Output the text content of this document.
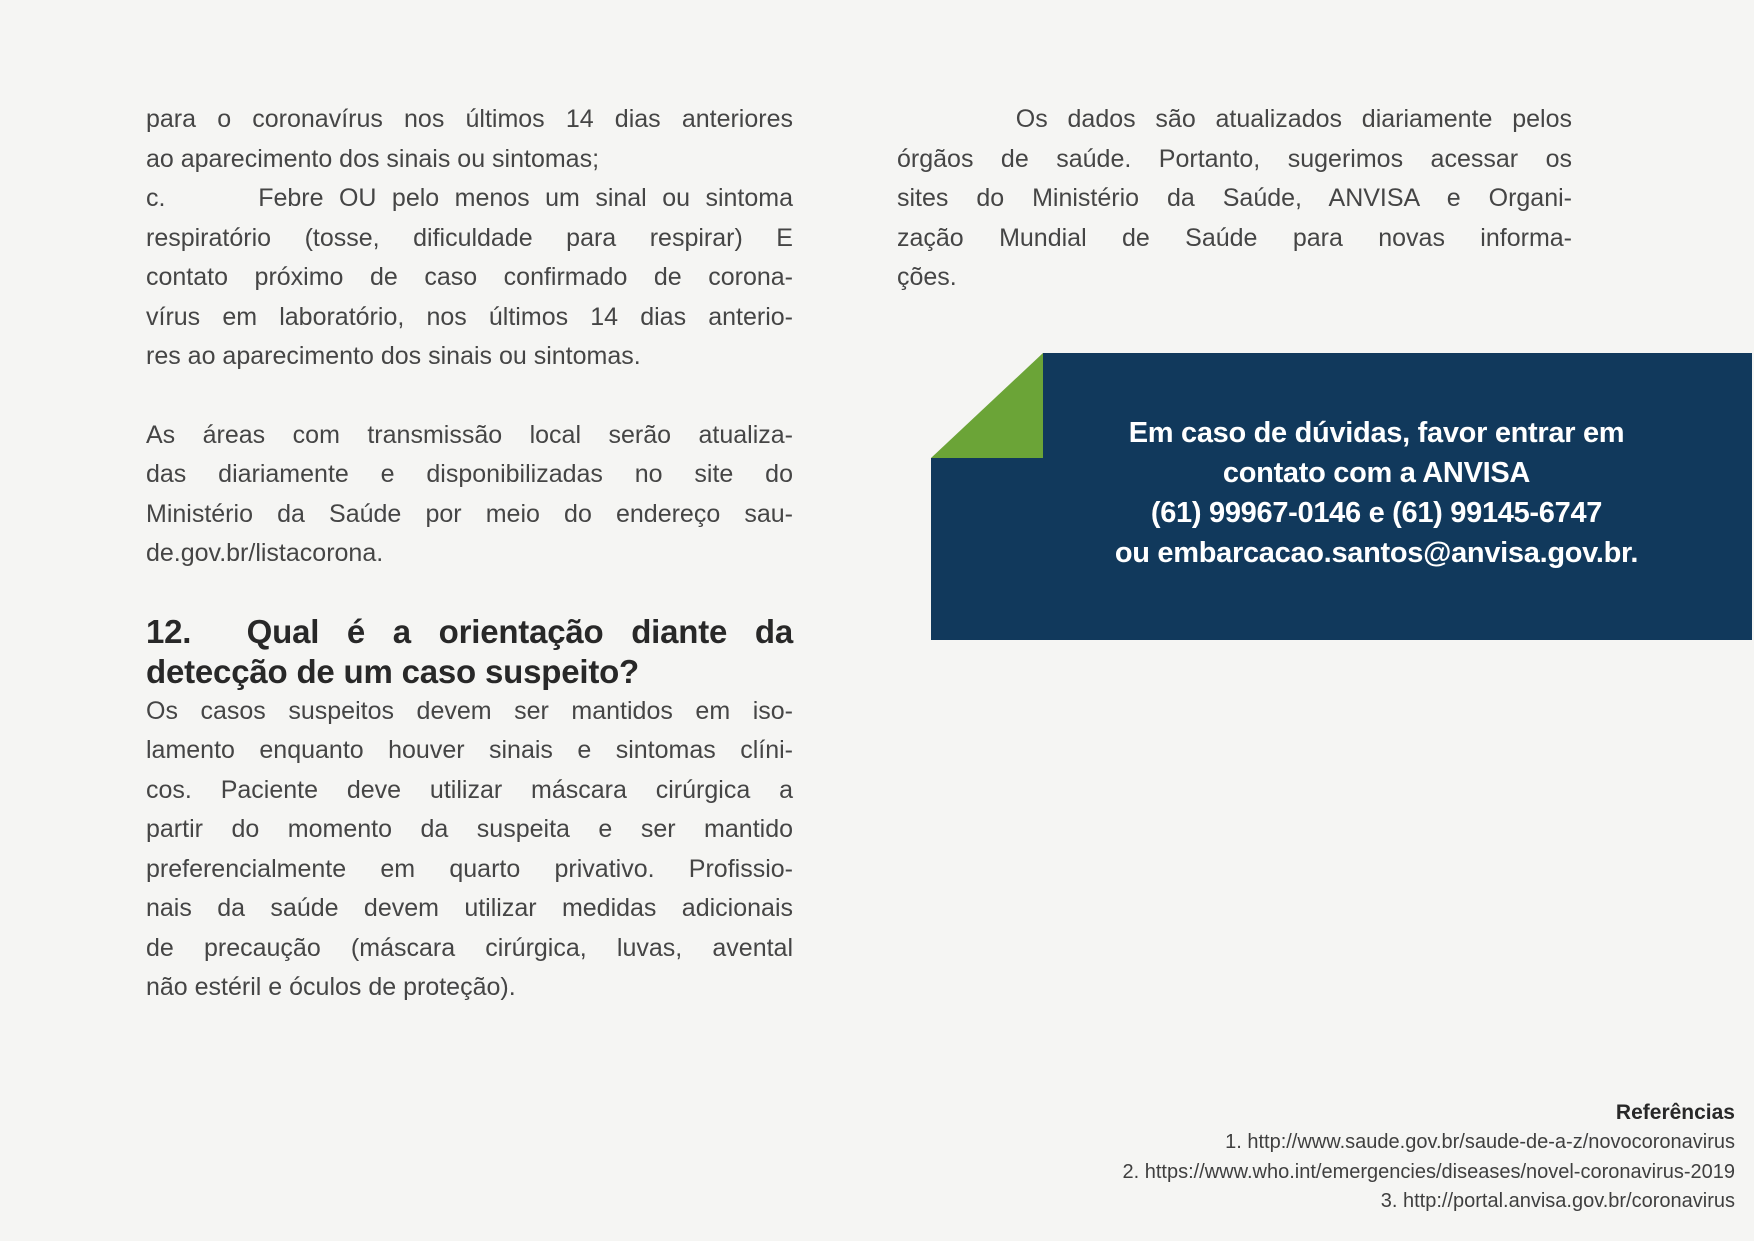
para o coronavírus nos últimos 14 dias anteriores
ao aparecimento dos sinais ou sintomas;
c.      Febre OU pelo menos um sinal ou sintoma
respiratório (tosse, dificuldade para respirar) E
contato próximo de caso confirmado de corona-
vírus em laboratório, nos últimos 14 dias anterio-
res ao aparecimento dos sinais ou sintomas.
As áreas com transmissão local serão atualiza-
das diariamente e disponibilizadas no site do
Ministério da Saúde por meio do endereço sau-
de.gov.br/listacorona.
12.  Qual é a orientação diante da
detecção de um caso suspeito?
Os casos suspeitos devem ser mantidos em iso-
lamento enquanto houver sinais e sintomas clíni-
cos. Paciente deve utilizar máscara cirúrgica a
partir do momento da suspeita e ser mantido
preferencialmente em quarto privativo. Profissio-
nais da saúde devem utilizar medidas adicionais
de precaução (máscara cirúrgica, luvas, avental
não estéril e óculos de proteção).
Os dados são atualizados diariamente pelos
órgãos de saúde. Portanto, sugerimos acessar os
sites do Ministério da Saúde, ANVISA e Organi-
zação Mundial de Saúde para novas informa-
ções.
Em caso de dúvidas, favor entrar em
contato com a ANVISA
(61) 99967-0146 e (61) 99145-6747
ou embarcacao.santos@anvisa.gov.br.
Referências
1. http://www.saude.gov.br/saude-de-a-z/novocoronavirus
2. https://www.who.int/emergencies/diseases/novel-coronavirus-2019
3. http://portal.anvisa.gov.br/coronavirus
